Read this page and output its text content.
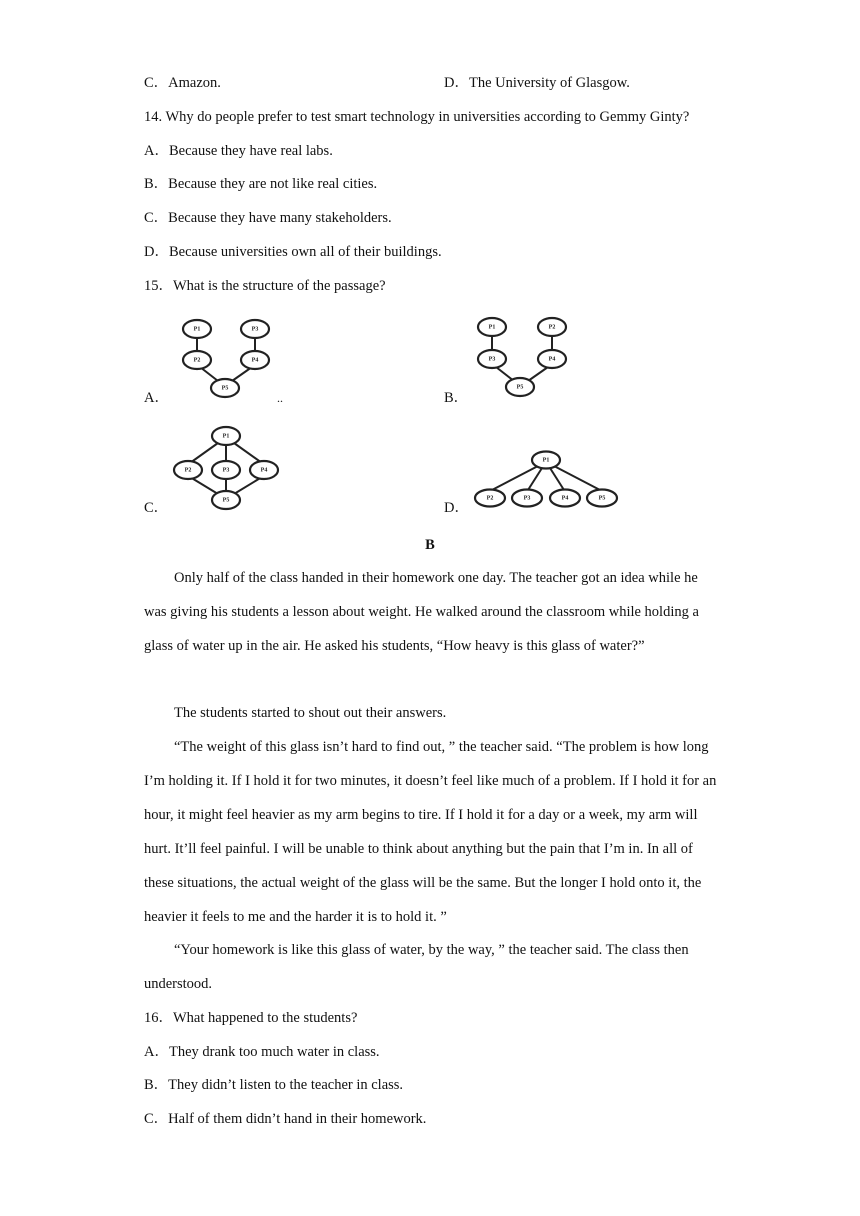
C．Amazon.	D．The University of Glasgow.
14. Why do people prefer to test smart technology in universities according to Gemmy Ginty?
A．Because they have real labs.
B．Because they are not like real cities.
C．Because they have many stakeholders.
D．Because universities own all of their buildings.
15．What is the structure of the passage?
A．	..
P1	P3
P2	P4
P5
B．
P1	P2
P3	P4
P5
C．
P1
P2	P3	P4
P5	D．
P1
P2	P3	P4	P5
B
Only half of the class handed in their homework one day. The teacher got an idea while he was giving his students a lesson about weight. He walked around the classroom while holding a glass of water up in the air. He asked his students, “How heavy is this glass of water?”
The students started to shout out their answers.
“The weight of this glass isn’t hard to find out, ” the teacher said. “The problem is how long I’m holding it. If I hold it for two minutes, it doesn’t feel like much of a problem. If I hold it for an hour, it might feel heavier as my arm begins to tire. If I hold it for a day or a week, my arm will hurt. It’ll feel painful. I will be unable to think about anything but the pain that I’m in. In all of these situations, the actual weight of the glass will be the same. But the longer I hold onto it, the heavier it feels to me and the harder it is to hold it. ”
“Your homework is like this glass of water, by the way, ” the teacher said. The class then understood.
16．What happened to the students?
A．They drank too much water in class.
B．They didn’t listen to the teacher in class.
C．Half of them didn’t hand in their homework.
